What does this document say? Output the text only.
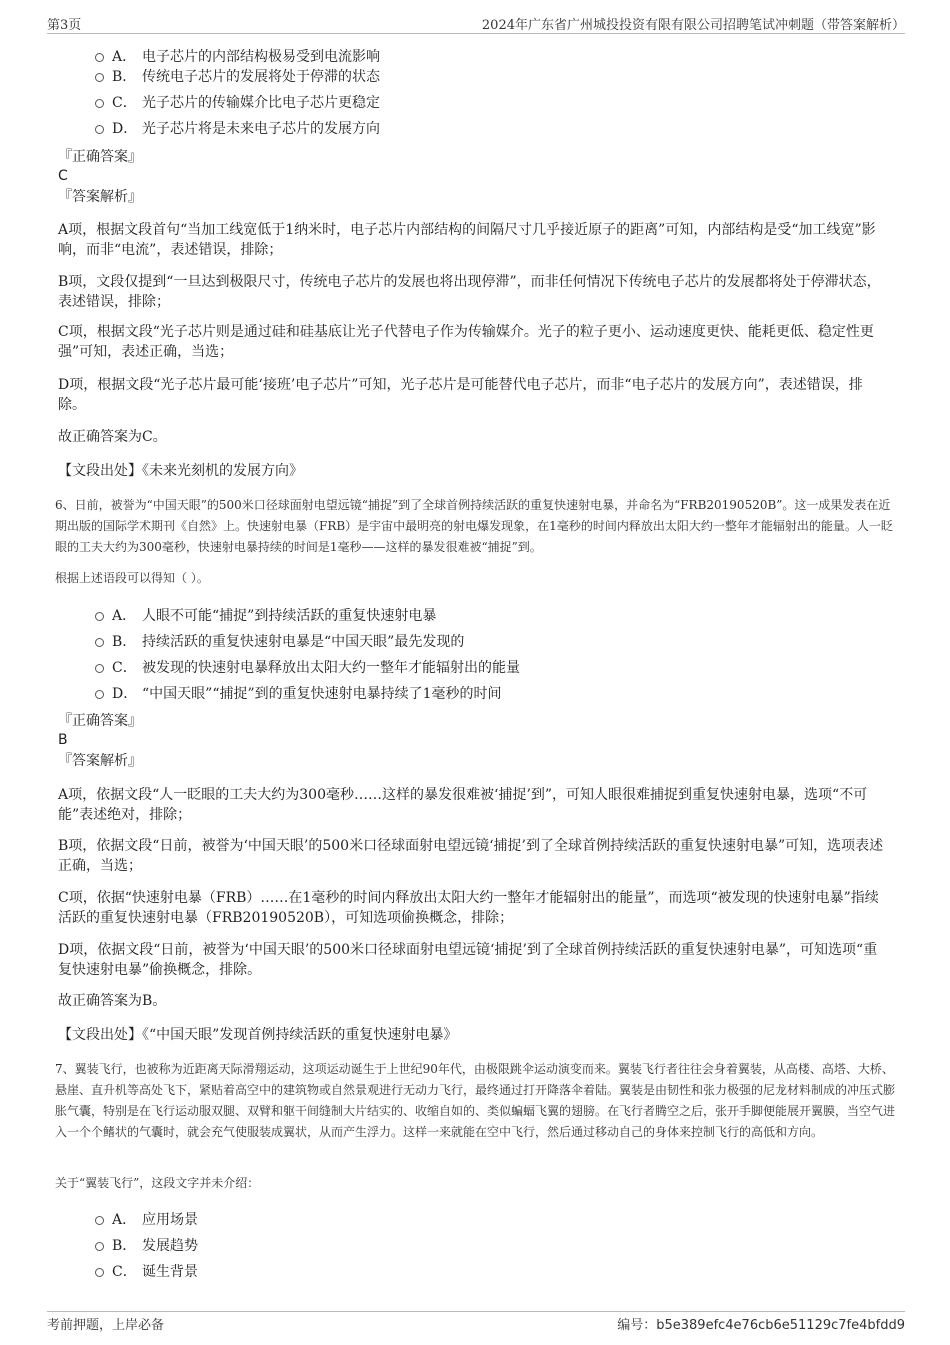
第3页	2024年广东省广州城投投资有限有限公司招聘笔试冲刺题（带答案解析）
A． 电子芯片的内部结构极易受到电流影响
B． 传统电子芯片的发展将处于停滞的状态
C． 光子芯片的传输媒介比电子芯片更稳定
D． 光子芯片将是未来电子芯片的发展方向
『正确答案』
C
『答案解析』
A项，根据文段首句“当加工线宽低于1纳米时，电子芯片内部结构的间隔尺寸几乎接近原子的距离”可知，内部结构是受“加工线宽”影响，而非“电流”，表述错误，排除；
B项，文段仅提到“一旦达到极限尺寸，传统电子芯片的发展也将出现停滞”，而非任何情况下传统电子芯片的发展都将处于停滞状态，表述错误，排除；
C项，根据文段“光子芯片则是通过硅和硅基底让光子代替电子作为传输媒介。光子的粒子更小、运动速度更快、能耗更低、稳定性更强”可知，表述正确，当选；
D项，根据文段“光子芯片最可能‘接班’电子芯片”可知，光子芯片是可能替代电子芯片，而非“电子芯片的发展方向”，表述错误，排除。
故正确答案为C。
【文段出处】《未来光刻机的发展方向》
6、日前，被誉为“中国天眼”的500米口径球面射电望远镜“捕捉”到了全球首例持续活跃的重复快速射电暴，并命名为“FRB20190520B”。这一成果发表在近期出版的国际学术期刊《自然》上。快速射电暴（FRB）是宇宙中最明亮的射电爆发现象，在1毫秒的时间内释放出太阳大约一整年才能辐射出的能量。人一眨眼的工夫大约为300毫秒，快速射电暴持续的时间是1毫秒——这样的暴发很难被“捕捉”到。
根据上述语段可以得知（ ）。
A． 人眼不可能“捕捉”到持续活跃的重复快速射电暴
B． 持续活跃的重复快速射电暴是“中国天眼”最先发现的
C． 被发现的快速射电暴释放出太阳大约一整年才能辐射出的能量
D． “中国天眼”“捕捉”到的重复快速射电暴持续了1毫秒的时间
『正确答案』
B
『答案解析』
A项，依据文段“人一眨眼的工夫大约为300毫秒……这样的暴发很难被‘捕捉’到”，可知人眼很难捕捉到重复快速射电暴，选项“不可能”表述绝对，排除；
B项，依据文段“日前，被誉为‘中国天眼’的500米口径球面射电望远镜‘捕捉’到了全球首例持续活跃的重复快速射电暴”可知，选项表述正确，当选；
C项，依据“快速射电暴（FRB）……在1毫秒的时间内释放出太阳大约一整年才能辐射出的能量”，而选项“被发现的快速射电暴”指续活跃的重复快速射电暴（FRB20190520B），可知选项偷换概念，排除；
D项，依据文段“日前，被誉为‘中国天眼’的500米口径球面射电望远镜‘捕捉’到了全球首例持续活跃的重复快速射电暴”，可知选项“重复快速射电暴”偷换概念，排除。
故正确答案为B。
【文段出处】《“中国天眼”发现首例持续活跃的重复快速射电暴》
7、翼装飞行，也被称为近距离天际滑翔运动，这项运动诞生于上世纪90年代，由极限跳伞运动演变而来。翼装飞行者往往会身着翼装，从高楼、高塔、大桥、悬崖、直升机等高处飞下，紧贴着高空中的建筑物或自然景观进行无动力飞行，最终通过打开降落伞着陆。翼装是由韧性和张力极强的尼龙材料制成的冲压式膨胀气囊，特别是在飞行运动服双腿、双臂和躯干间缝制大片结实的、收缩自如的、类似蝙蝠飞翼的翅膀。在飞行者腾空之后，张开手脚便能展开翼膜，当空气进入一个个鳍状的气囊时，就会充气使服装成翼状，从而产生浮力。这样一来就能在空中飞行，然后通过移动自己的身体来控制飞行的高低和方向。
关于“翼装飞行”，这段文字并未介绍：
A． 应用场景
B． 发展趋势
C． 诞生背景
考前押题，上岸必备	编号：b5e389efc4e76cb6e51129c7fe4bfdd9
